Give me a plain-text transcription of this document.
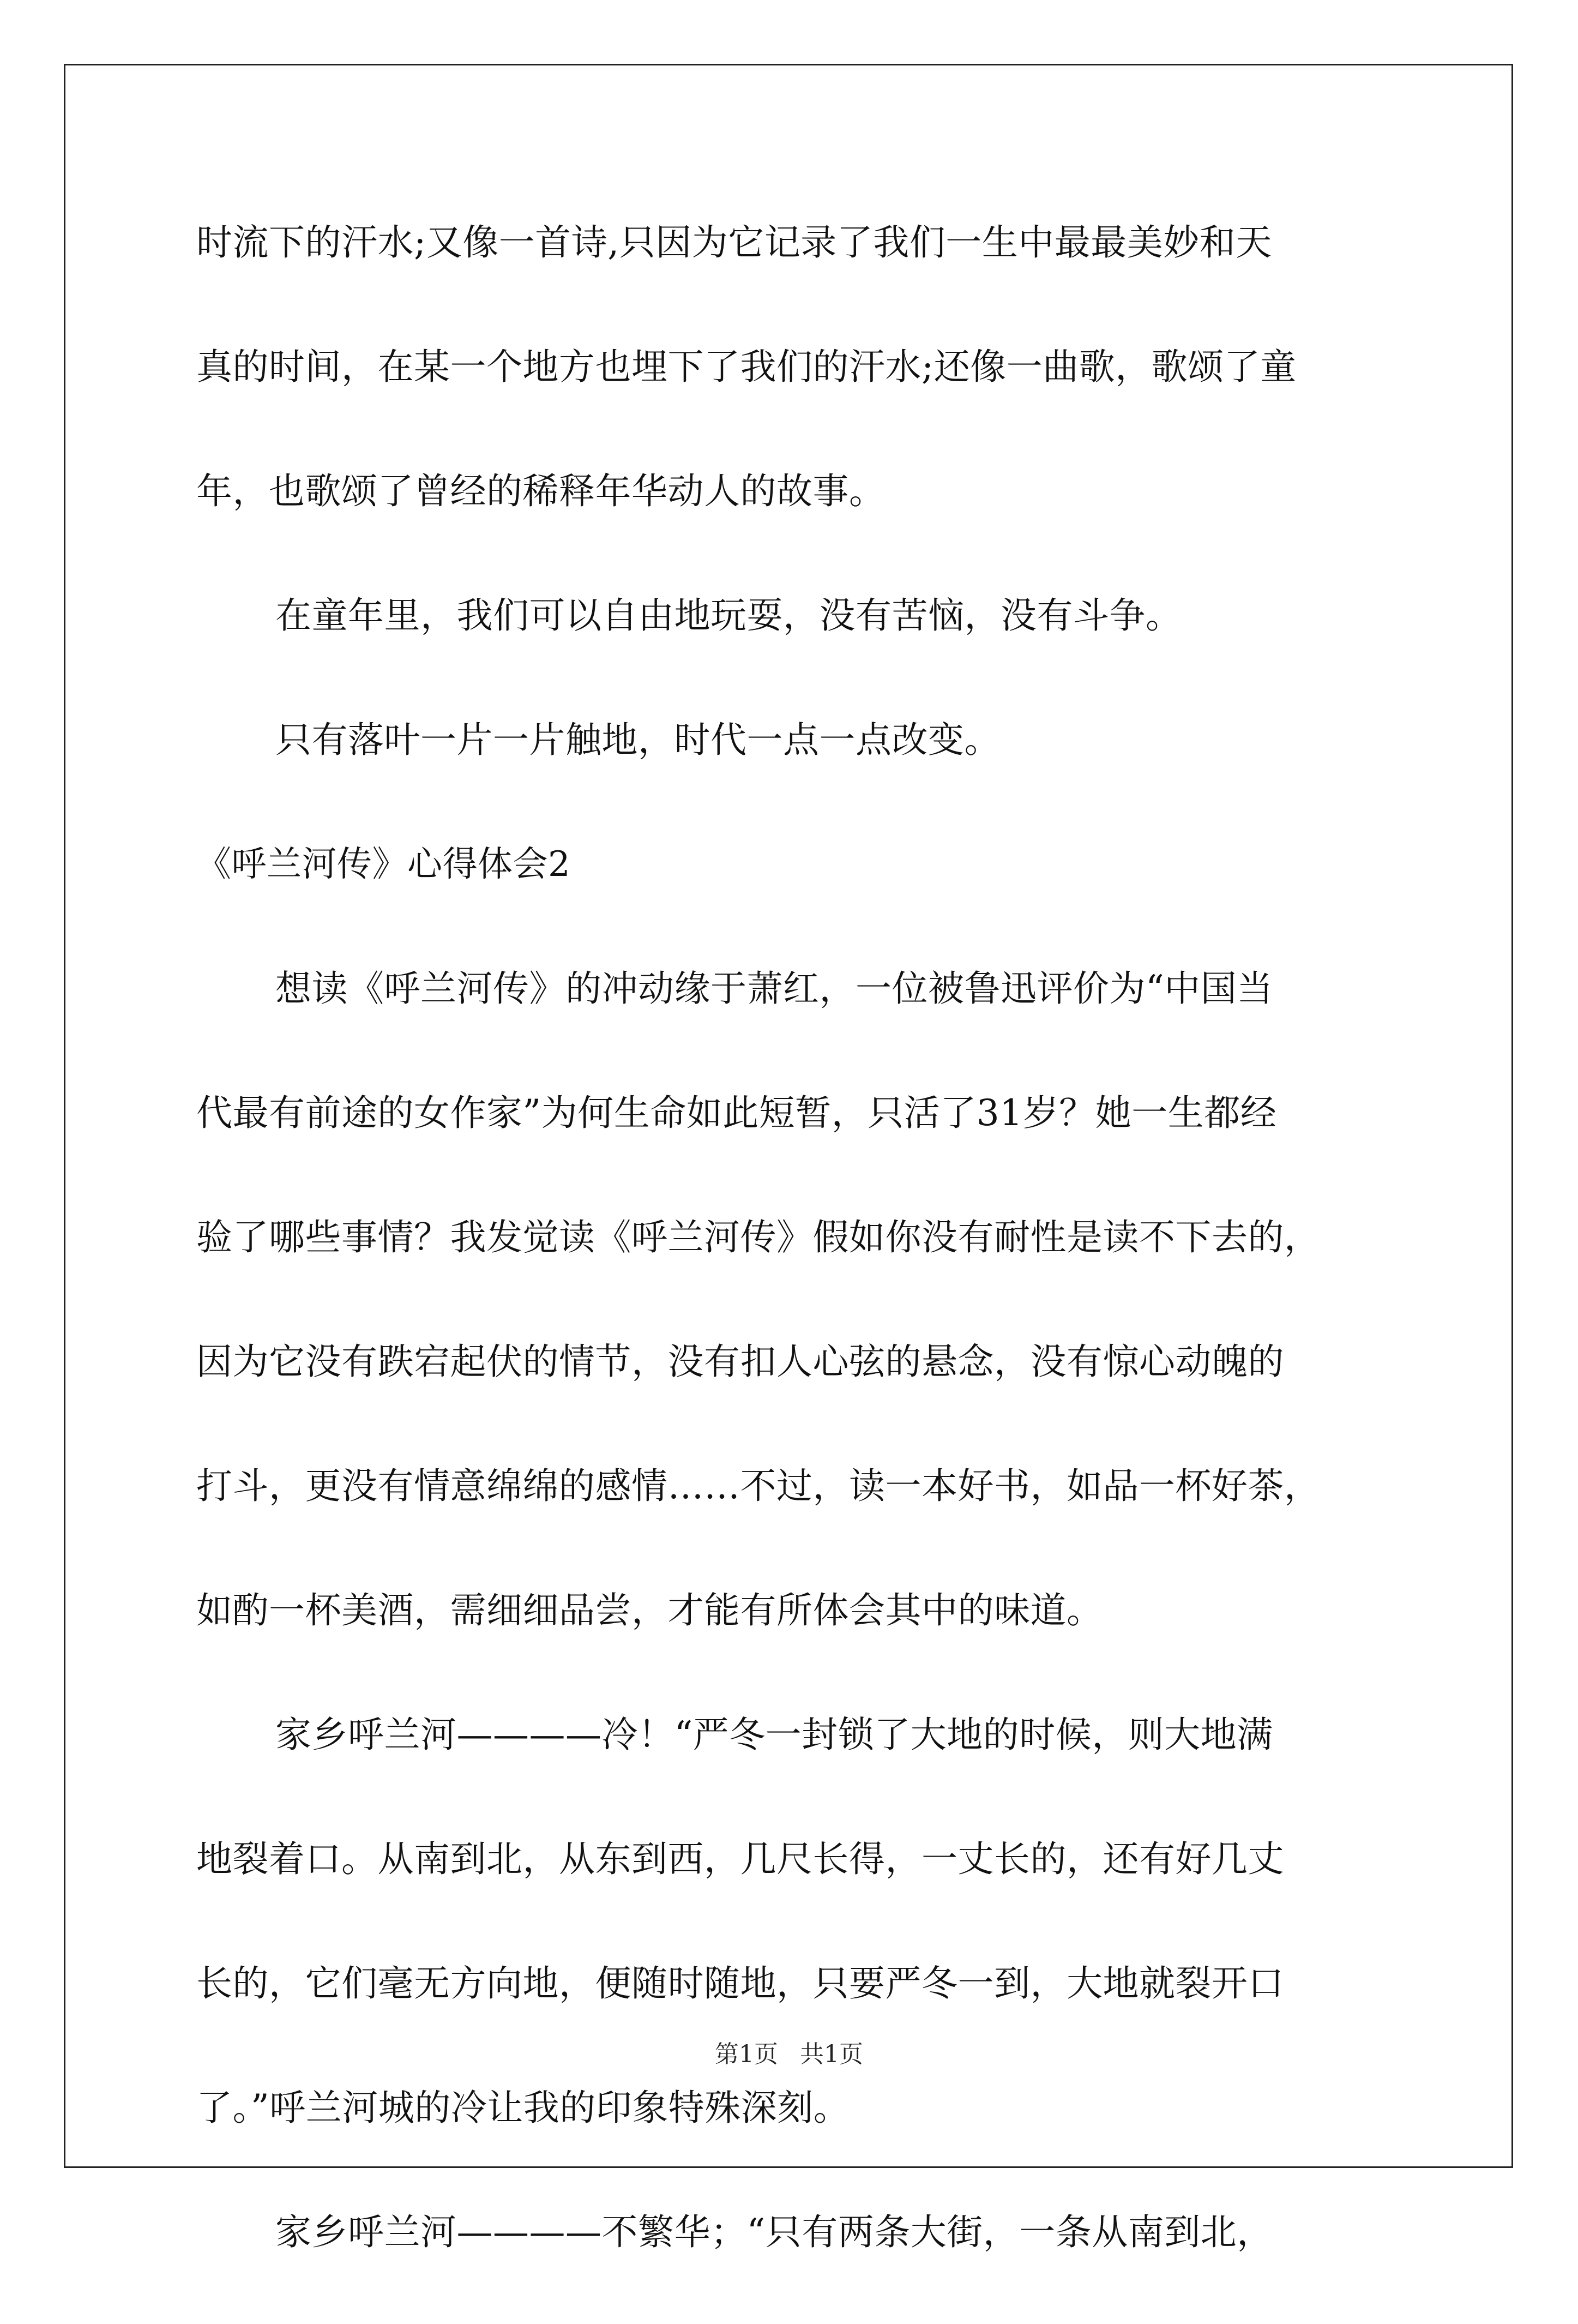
时流下的汗水;又像一首诗,只因为它记录了我们一生中最最美妙和天
真的时间，在某一个地方也埋下了我们的汗水;还像一曲歌，歌颂了童
年，也歌颂了曾经的稀释年华动人的故事。
在童年里，我们可以自由地玩耍，没有苦恼，没有斗争。
只有落叶一片一片触地，时代一点一点改变。
《呼兰河传》心得体会2
想读《呼兰河传》的冲动缘于萧红，一位被鲁迅评价为“中国当
代最有前途的女作家”为何生命如此短暂，只活了31岁？她一生都经
验了哪些事情？我发觉读《呼兰河传》假如你没有耐性是读不下去的，
因为它没有跌宕起伏的情节，没有扣人心弦的悬念，没有惊心动魄的
打斗，更没有情意绵绵的感情……不过，读一本好书，如品一杯好茶，
如酌一杯美酒，需细细品尝，才能有所体会其中的味道。
家乡呼兰河————冷！“严冬一封锁了大地的时候，则大地满
地裂着口。从南到北，从东到西，几尺长得，一丈长的，还有好几丈
长的，它们毫无方向地，便随时随地，只要严冬一到，大地就裂开口
了。”呼兰河城的冷让我的印象特殊深刻。
家乡呼兰河————不繁华；“只有两条大街，一条从南到北，
第1页 共1页
